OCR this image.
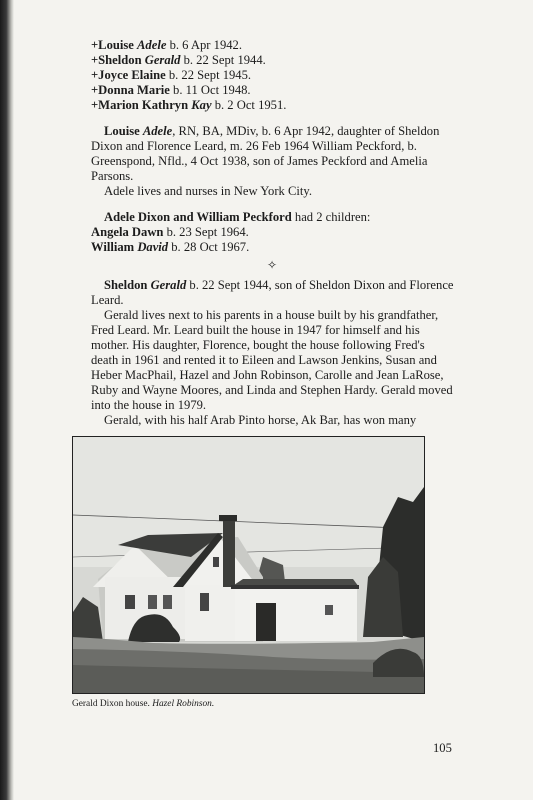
+Louise Adele b. 6 Apr 1942.
+Sheldon Gerald b. 22 Sept 1944.
+Joyce Elaine b. 22 Sept 1945.
+Donna Marie b. 11 Oct 1948.
+Marion Kathryn Kay b. 2 Oct 1951.
Louise Adele, RN, BA, MDiv, b. 6 Apr 1942, daughter of Sheldon
Dixon and Florence Leard, m. 26 Feb 1964 William Peckford, b.
Greenspond, Nfld., 4 Oct 1938, son of James Peckford and Amelia
Parsons.
Adele lives and nurses in New York City.
Adele Dixon and William Peckford had 2 children:
Angela Dawn b. 23 Sept 1964.
William David b. 28 Oct 1967.
✧
Sheldon Gerald b. 22 Sept 1944, son of Sheldon Dixon and Florence
Leard.
Gerald lives next to his parents in a house built by his grandfather,
Fred Leard. Mr. Leard built the house in 1947 for himself and his
mother. His daughter, Florence, bought the house following Fred's
death in 1961 and rented it to Eileen and Lawson Jenkins, Susan and
Heber MacPhail, Hazel and John Robinson, Carolle and Jean LaRose,
Ruby and Wayne Moores, and Linda and Stephen Hardy. Gerald moved
into the house in 1979.
Gerald, with his half Arab Pinto horse, Ak Bar, has won many
Gerald Dixon house. Hazel Robinson.
105
